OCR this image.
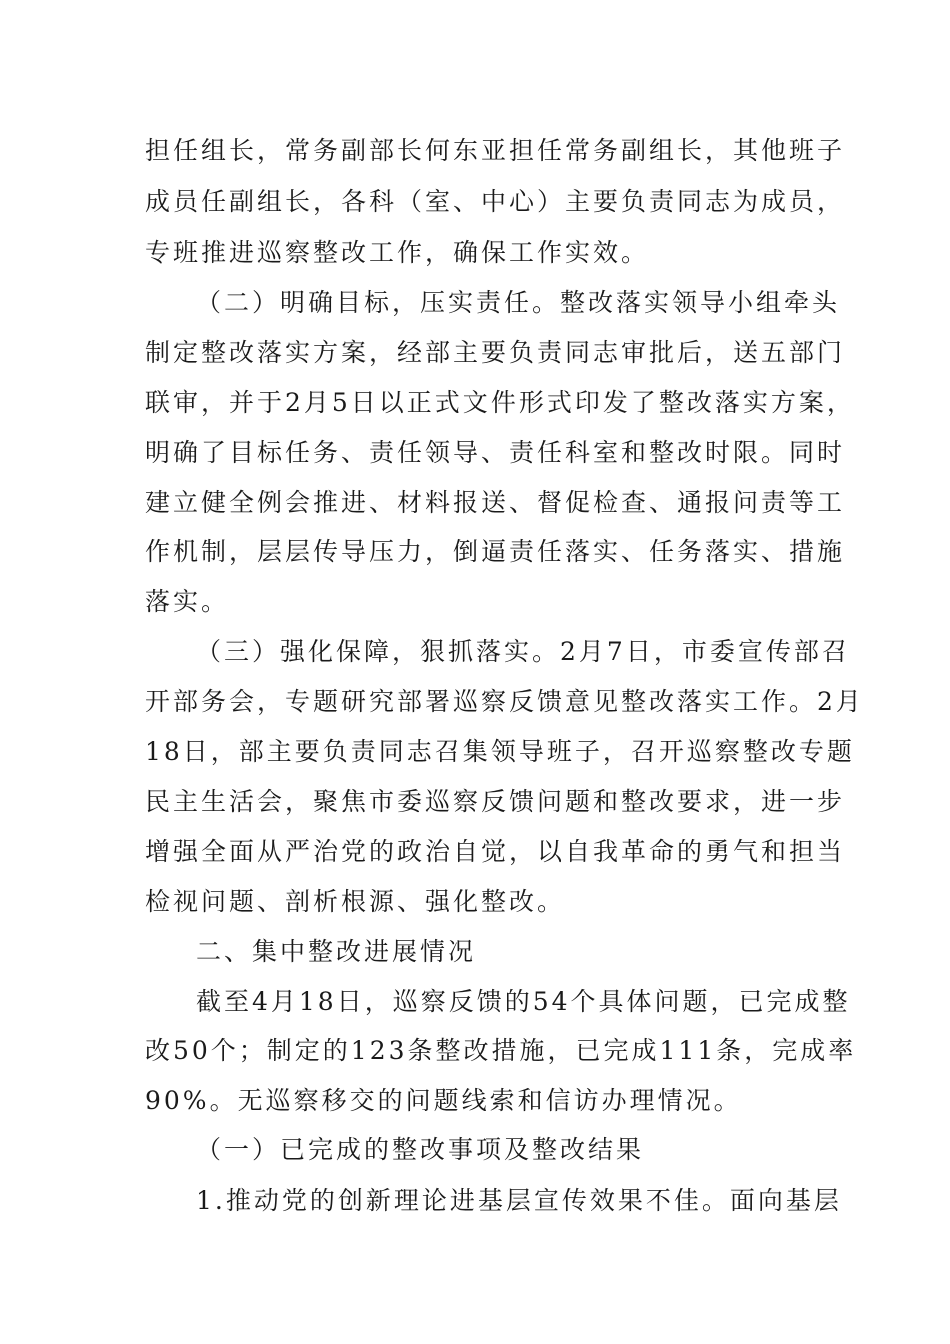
担任组长，常务副部长何东亚担任常务副组长，其他班子
成员任副组长，各科（室、中心）主要负责同志为成员，
专班推进巡察整改工作，确保工作实效。
（二）明确目标，压实责任。整改落实领导小组牵头
制定整改落实方案，经部主要负责同志审批后，送五部门
联审，并于2月5日以正式文件形式印发了整改落实方案，
明确了目标任务、责任领导、责任科室和整改时限。同时
建立健全例会推进、材料报送、督促检查、通报问责等工
作机制，层层传导压力，倒逼责任落实、任务落实、措施
落实。
（三）强化保障，狠抓落实。2月7日，市委宣传部召
开部务会，专题研究部署巡察反馈意见整改落实工作。2月
18日，部主要负责同志召集领导班子，召开巡察整改专题
民主生活会，聚焦市委巡察反馈问题和整改要求，进一步
增强全面从严治党的政治自觉，以自我革命的勇气和担当
检视问题、剖析根源、强化整改。
二、集中整改进展情况
截至4月18日，巡察反馈的54个具体问题，已完成整
改50个；制定的123条整改措施，已完成111条，完成率
90%。无巡察移交的问题线索和信访办理情况。
（一）已完成的整改事项及整改结果
1.推动党的创新理论进基层宣传效果不佳。面向基层
